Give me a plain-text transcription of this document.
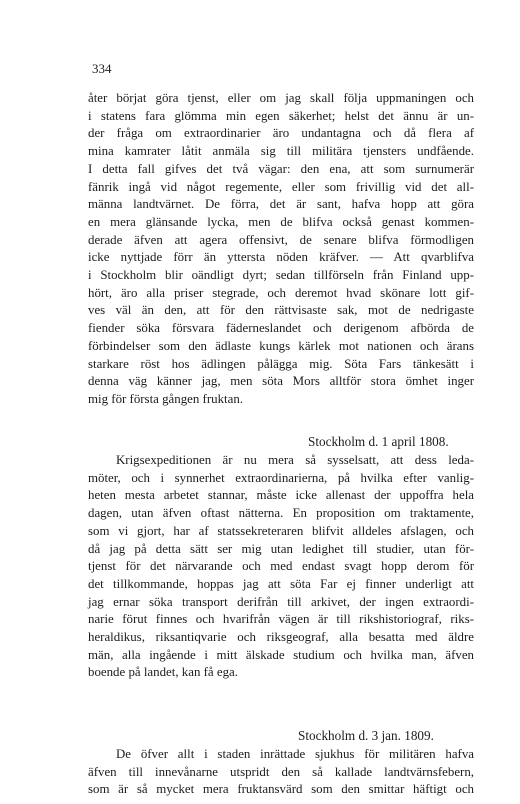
334
åter börjat göra tjenst, eller om jag skall följa uppmaningen och
i statens fara glömma min egen säkerhet; helst det ännu är un-
der fråga om extraordinarier äro undantagna och då flera af
mina kamrater låtit anmäla sig till militära tjensters undfående.
I detta fall gifves det två vägar: den ena, att som surnumerär
fänrik ingå vid något regemente, eller som frivillig vid det all-
männa landtvärnet. De förra, det är sant, hafva hopp att göra
en mera glänsande lycka, men de blifva också genast kommen-
derade äfven att agera offensivt, de senare blifva förmodligen
icke nyttjade förr än yttersta nöden kräfver. — Att qvarblifva
i Stockholm blir oändligt dyrt; sedan tillförseln från Finland upp-
hört, äro alla priser stegrade, och deremot hvad skönare lott gif-
ves väl än den, att för den rättvisaste sak, mot de nedrigaste
fiender söka försvara fäderneslandet och derigenom afbörda de
förbindelser som den ädlaste kungs kärlek mot nationen och ärans
starkare röst hos ädlingen pålägga mig. Söta Fars tänkesätt i
denna väg känner jag, men söta Mors alltför stora ömhet inger
mig för första gången fruktan.
Stockholm d. 1 april 1808.
Krigsexpeditionen är nu mera så sysselsatt, att dess leda-
möter, och i synnerhet extraordinarierna, på hvilka efter vanlig-
heten mesta arbetet stannar, måste icke allenast der uppoffra hela
dagen, utan äfven oftast nätterna. En proposition om traktamente,
som vi gjort, har af statssekreteraren blifvit alldeles afslagen, och
då jag på detta sätt ser mig utan ledighet till studier, utan för-
tjenst för det närvarande och med endast svagt hopp derom för
det tillkommande, hoppas jag att söta Far ej finner underligt att
jag ernar söka transport derifrån till arkivet, der ingen extraordi-
narie förut finnes och hvarifrån vägen är till rikshistoriograf, riks-
heraldikus, riksantiqvarie och riksgeograf, alla besatta med äldre
män, alla ingående i mitt älskade studium och hvilka man, äfven
boende på landet, kan få ega.
Stockholm d. 3 jan. 1809.
De öfver allt i staden inrättade sjukhus för militären hafva
äfven till innevånarne utspridt den så kallade landtvärnsfebern,
som är så mycket mera fruktansvärd som den smittar häftigt och
